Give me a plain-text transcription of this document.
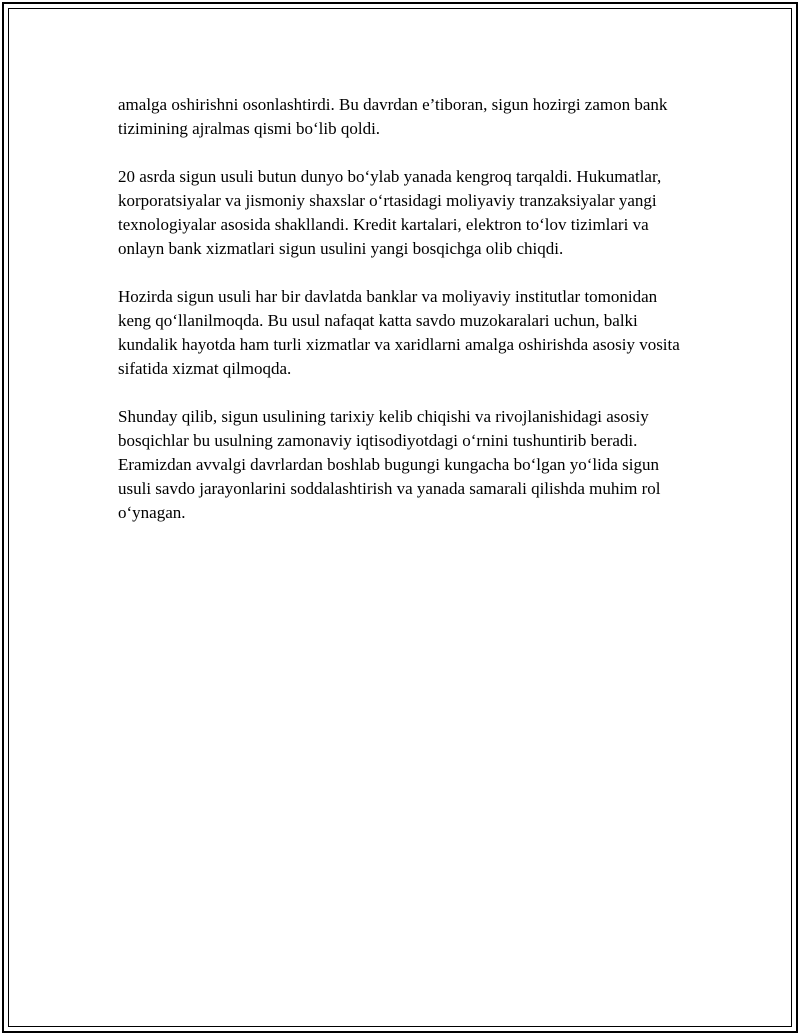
amalga oshirishni osonlashtirdi. Bu davrdan e’tiboran, sigun hozirgi zamon bank tizimining ajralmas qismi bo‘lib qoldi.

20 asrda sigun usuli butun dunyo bo‘ylab yanada kengroq tarqaldi. Hukumatlar, korporatsiyalar va jismoniy shaxslar o‘rtasidagi moliyaviy tranzaksiyalar yangi texnologiyalar asosida shakllandi. Kredit kartalari, elektron to‘lov tizimlari va onlayn bank xizmatlari sigun usulini yangi bosqichga olib chiqdi.

Hozirda sigun usuli har bir davlatda banklar va moliyaviy institutlar tomonidan keng qo‘llanilmoqda. Bu usul nafaqat katta savdo muzokaralari uchun, balki kundalik hayotda ham turli xizmatlar va xaridlarni amalga oshirishda asosiy vosita sifatida xizmat qilmoqda.

Shunday qilib, sigun usulining tarixiy kelib chiqishi va rivojlanishidagi asosiy bosqichlar bu usulning zamonaviy iqtisodiyotdagi o‘rnini tushuntirib beradi. Eramizdan avvalgi davrlardan boshlab bugungi kungacha bo‘lgan yo‘lida sigun usuli savdo jarayonlarini soddalashtirish va yanada samarali qilishda muhim rol o‘ynagan.
